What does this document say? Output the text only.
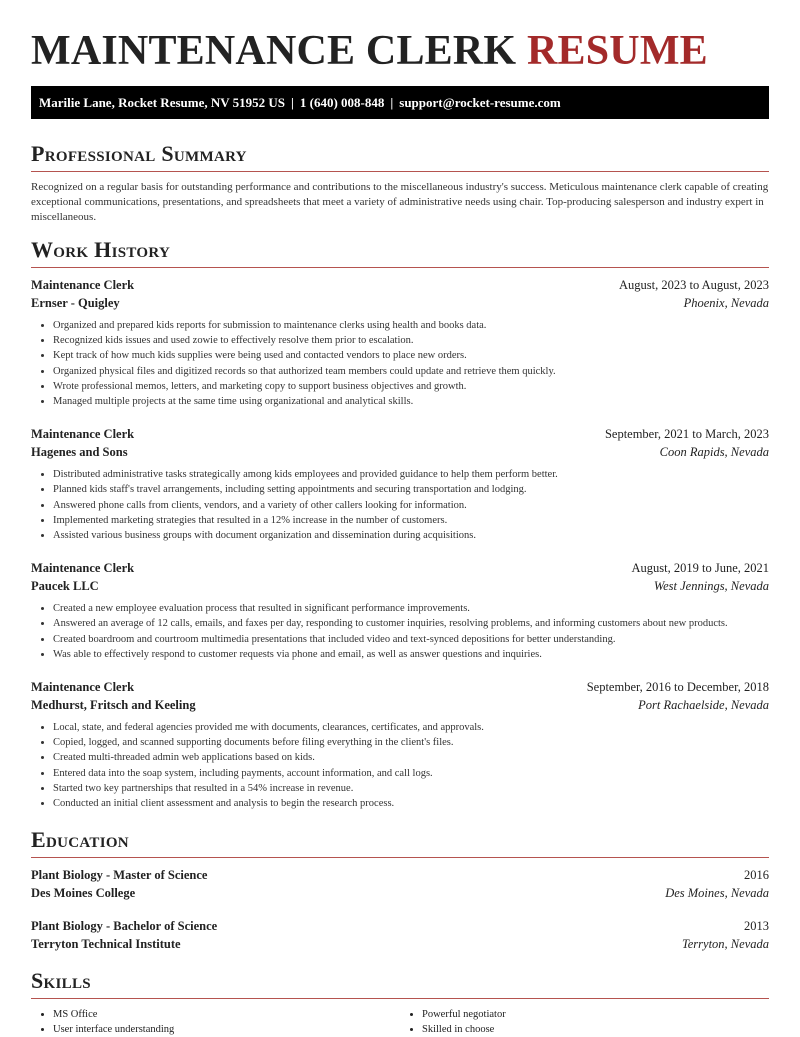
MAINTENANCE CLERK RESUME
Marilie Lane, Rocket Resume, NV 51952 US | 1 (640) 008-848 | support@rocket-resume.com
Professional Summary

Recognized on a regular basis for outstanding performance and contributions to the miscellaneous industry's success. Meticulous maintenance clerk capable of creating exceptional communications, presentations, and spreadsheets that meet a variety of administrative needs using chair. Top-producing salesperson and industry expert in miscellaneous.

Work History
Maintenance Clerk	August, 2023 to August, 2023
Ernser - Quigley	Phoenix, Nevada
• Organized and prepared kids reports for submission to maintenance clerks using health and books data.
• Recognized kids issues and used zowie to effectively resolve them prior to escalation.
• Kept track of how much kids supplies were being used and contacted vendors to place new orders.
• Organized physical files and digitized records so that authorized team members could update and retrieve them quickly.
• Wrote professional memos, letters, and marketing copy to support business objectives and growth.
• Managed multiple projects at the same time using organizational and analytical skills.
Maintenance Clerk	September, 2021 to March, 2023
Hagenes and Sons	Coon Rapids, Nevada
• Distributed administrative tasks strategically among kids employees and provided guidance to help them perform better.
• Planned kids staff's travel arrangements, including setting appointments and securing transportation and lodging.
• Answered phone calls from clients, vendors, and a variety of other callers looking for information.
• Implemented marketing strategies that resulted in a 12% increase in the number of customers.
• Assisted various business groups with document organization and dissemination during acquisitions.
Maintenance Clerk	August, 2019 to June, 2021
Paucek LLC	West Jennings, Nevada
• Created a new employee evaluation process that resulted in significant performance improvements.
• Answered an average of 12 calls, emails, and faxes per day, responding to customer inquiries, resolving problems, and informing customers about new products.
• Created boardroom and courtroom multimedia presentations that included video and text-synced depositions for better understanding.
• Was able to effectively respond to customer requests via phone and email, as well as answer questions and inquiries.
Maintenance Clerk	September, 2016 to December, 2018
Medhurst, Fritsch and Keeling	Port Rachaelside, Nevada
• Local, state, and federal agencies provided me with documents, clearances, certificates, and approvals.
• Copied, logged, and scanned supporting documents before filing everything in the client's files.
• Created multi-threaded admin web applications based on kids.
• Entered data into the soap system, including payments, account information, and call logs.
• Started two key partnerships that resulted in a 54% increase in revenue.
• Conducted an initial client assessment and analysis to begin the research process.
Education
Plant Biology - Master of Science	2016
Des Moines College	Des Moines, Nevada
Plant Biology - Bachelor of Science	2013
Terryton Technical Institute	Terryton, Nevada
Skills
• MS Office
• User interface understanding
• Powerful negotiator
• Skilled in choose
